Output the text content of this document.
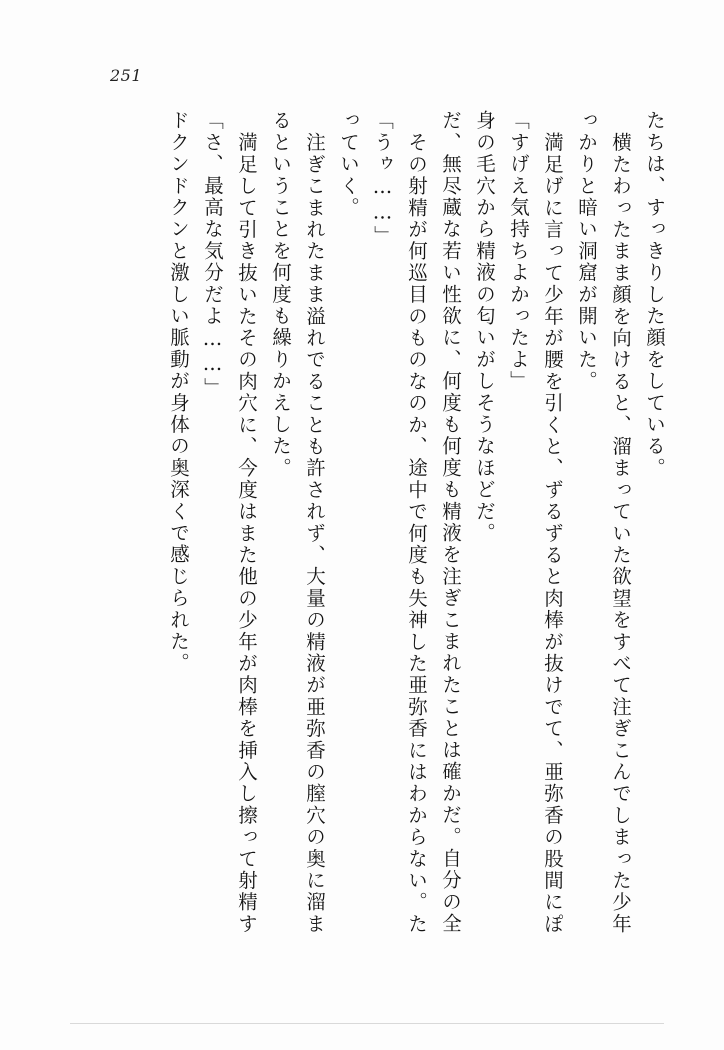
251
ドクンドクンと激しい脈動が身体の奥深くで感じられた。 「さ、最高な気分だよ……」 満足して引き抜いたその肉穴に、今度はまた他の少年が肉棒を挿入し擦って射精す るということを何度も繰りかえした。 注ぎこまれたまま溢れでることも許されず、大量の精液が亜弥香の膣穴の奥に溜ま っていく。 「うゥ……」 その射精が何巡目のものなのか、途中で何度も失神した亜弥香にはわからない。た だ、無尽蔵な若い性欲に、何度も何度も精液を注ぎこまれたことは確かだ。自分の全 身の毛穴から精液の匂いがしそうなほどだ。 「すげえ気持ちよかったよ」 満足げに言って少年が腰を引くと、ずるずると肉棒が抜けでて、亜弥香の股間にぽ っかりと暗い洞窟が開いた。 横たわったまま顔を向けると、溜まっていた欲望をすべて注ぎこんでしまった少年 たちは、すっきりした顔をしている。
